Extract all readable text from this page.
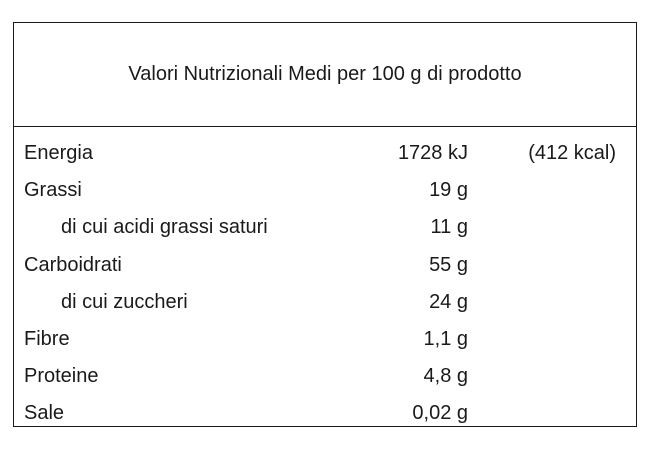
Valori Nutrizionali Medi per 100 g di prodotto
Energia	1728 kJ	(412 kcal)
Grassi	19 g
di cui acidi grassi saturi	11 g
Carboidrati	55 g
di cui zuccheri	24 g
Fibre	1,1 g
Proteine	4,8 g
Sale	0,02 g
